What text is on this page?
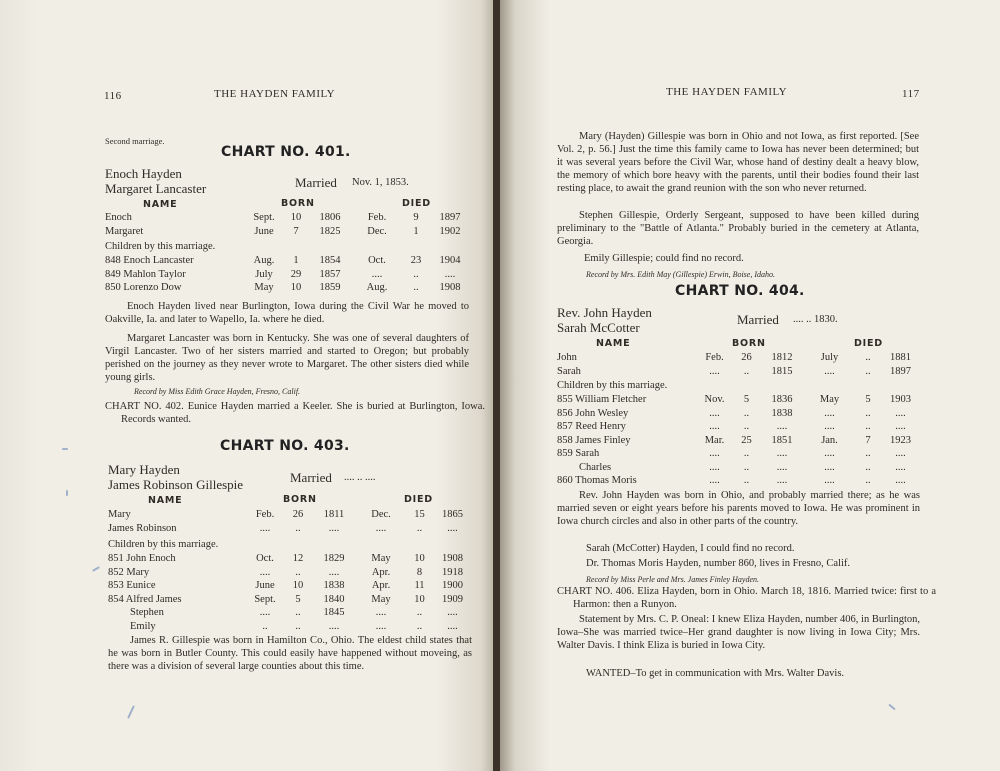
116	THE HAYDEN FAMILY
Second marriage.
CHART NO. 401.
Enoch Hayden
Margaret Lancaster	Married Nov. 1, 1853.
NAME	BORN	DIED
Enoch	Sept.	10	1806	Feb.	9	1897
Margaret	June	7	1825	Dec.	1	1902
Children by this marriage.
848 Enoch Lancaster	Aug.	1	1854	Oct.	23	1904
849 Mahlon Taylor	July	29	1857	....	..	....
850 Lorenzo Dow	May	10	1859	Aug.	..	1908
Enoch Hayden lived near Burlington, Iowa during the Civil War he moved to Oakville, Ia. and later to Wapello, Ia. where he died.
Margaret Lancaster was born in Kentucky. She was one of several daughters of Virgil Lancaster. Two of her sisters married and started to Oregon; but probably perished on the journey as they never wrote to Margaret. The other sisters died while young girls.
Record by Miss Edith Grace Hayden, Fresno, Calif.
CHART NO. 402. Eunice Hayden married a Keeler. She is buried at Burlington, Iowa. Records wanted.
CHART NO. 403.
Mary Hayden
James Robinson Gillespie	Married .... .. ....
NAME	BORN	DIED
Mary	Feb.	26	1811	Dec.	15	1865
James Robinson	....	..	....	....	..	....
Children by this marriage.
851 John Enoch	Oct.	12	1829	May	10	1908
852 Mary	....	..	....	Apr.	8	1918
853 Eunice	June	10	1838	Apr.	11	1900
854 Alfred James	Sept.	5	1840	May	10	1909
Stephen	....	..	1845	....	..	....
Emily	..	..	....	....	..	....
James R. Gillespie was born in Hamilton Co., Ohio. The eldest child states that he was born in Butler County. This could easily have happened without moveing, as there was a division of several large counties about this time.
THE HAYDEN FAMILY	117
Mary (Hayden) Gillespie was born in Ohio and not Iowa, as first reported. [See Vol. 2, p. 56.] Just the time this family came to Iowa has never been determined; but it was several years before the Civil War, whose hand of destiny dealt a heavy blow, the memory of which bore heavy with the parents, until their bodies found their last resting place, to await the grand reunion with the son who never returned.
Stephen Gillespie, Orderly Sergeant, supposed to have been killed during preliminary to the "Battle of Atlanta." Probably buried in the cemetery at Atlanta, Georgia.
Emily Gillespie; could find no record.
Record by Mrs. Edith May (Gillespie) Erwin, Boise, Idaho.
CHART NO. 404.
Rev. John Hayden
Sarah McCotter
Married .... .. 1830.
NAME	BORN	DIED
John	Feb.	26	1812	July	..	1881
Sarah	....	..	1815	....	..	1897
Children by this marriage.
855 William Fletcher	Nov.	5	1836	May	5	1903
856 John Wesley	....	..	1838	....	..	....
857 Reed Henry	....	..	....	....	..	....
858 James Finley	Mar.	25	1851	Jan.	7	1923
859 Sarah	....	..	....	....	..	....
Charles	....	..	....	....	..	....
860 Thomas Moris	....	..	....	....	..	....
Rev. John Hayden was born in Ohio, and probably married there; as he was married seven or eight years before his parents moved to Iowa. He was prominent in Iowa church circles and also in other parts of the country.
Sarah (McCotter) Hayden, I could find no record.
Dr. Thomas Moris Hayden, number 860, lives in Fresno, Calif.
Record by Miss Perle and Mrs. James Finley Hayden.
CHART NO. 406. Eliza Hayden, born in Ohio. March 18, 1816. Married twice: first to a Harmon: then a Runyon.
Statement by Mrs. C. P. Oneal: I knew Eliza Hayden, number 406, in Burlington, Iowa–She was married twice–Her grand daughter is now living in Iowa City; Mrs. Walter Davis. I think Eliza is buried in Iowa City.
WANTED–To get in communication with Mrs. Walter Davis.
